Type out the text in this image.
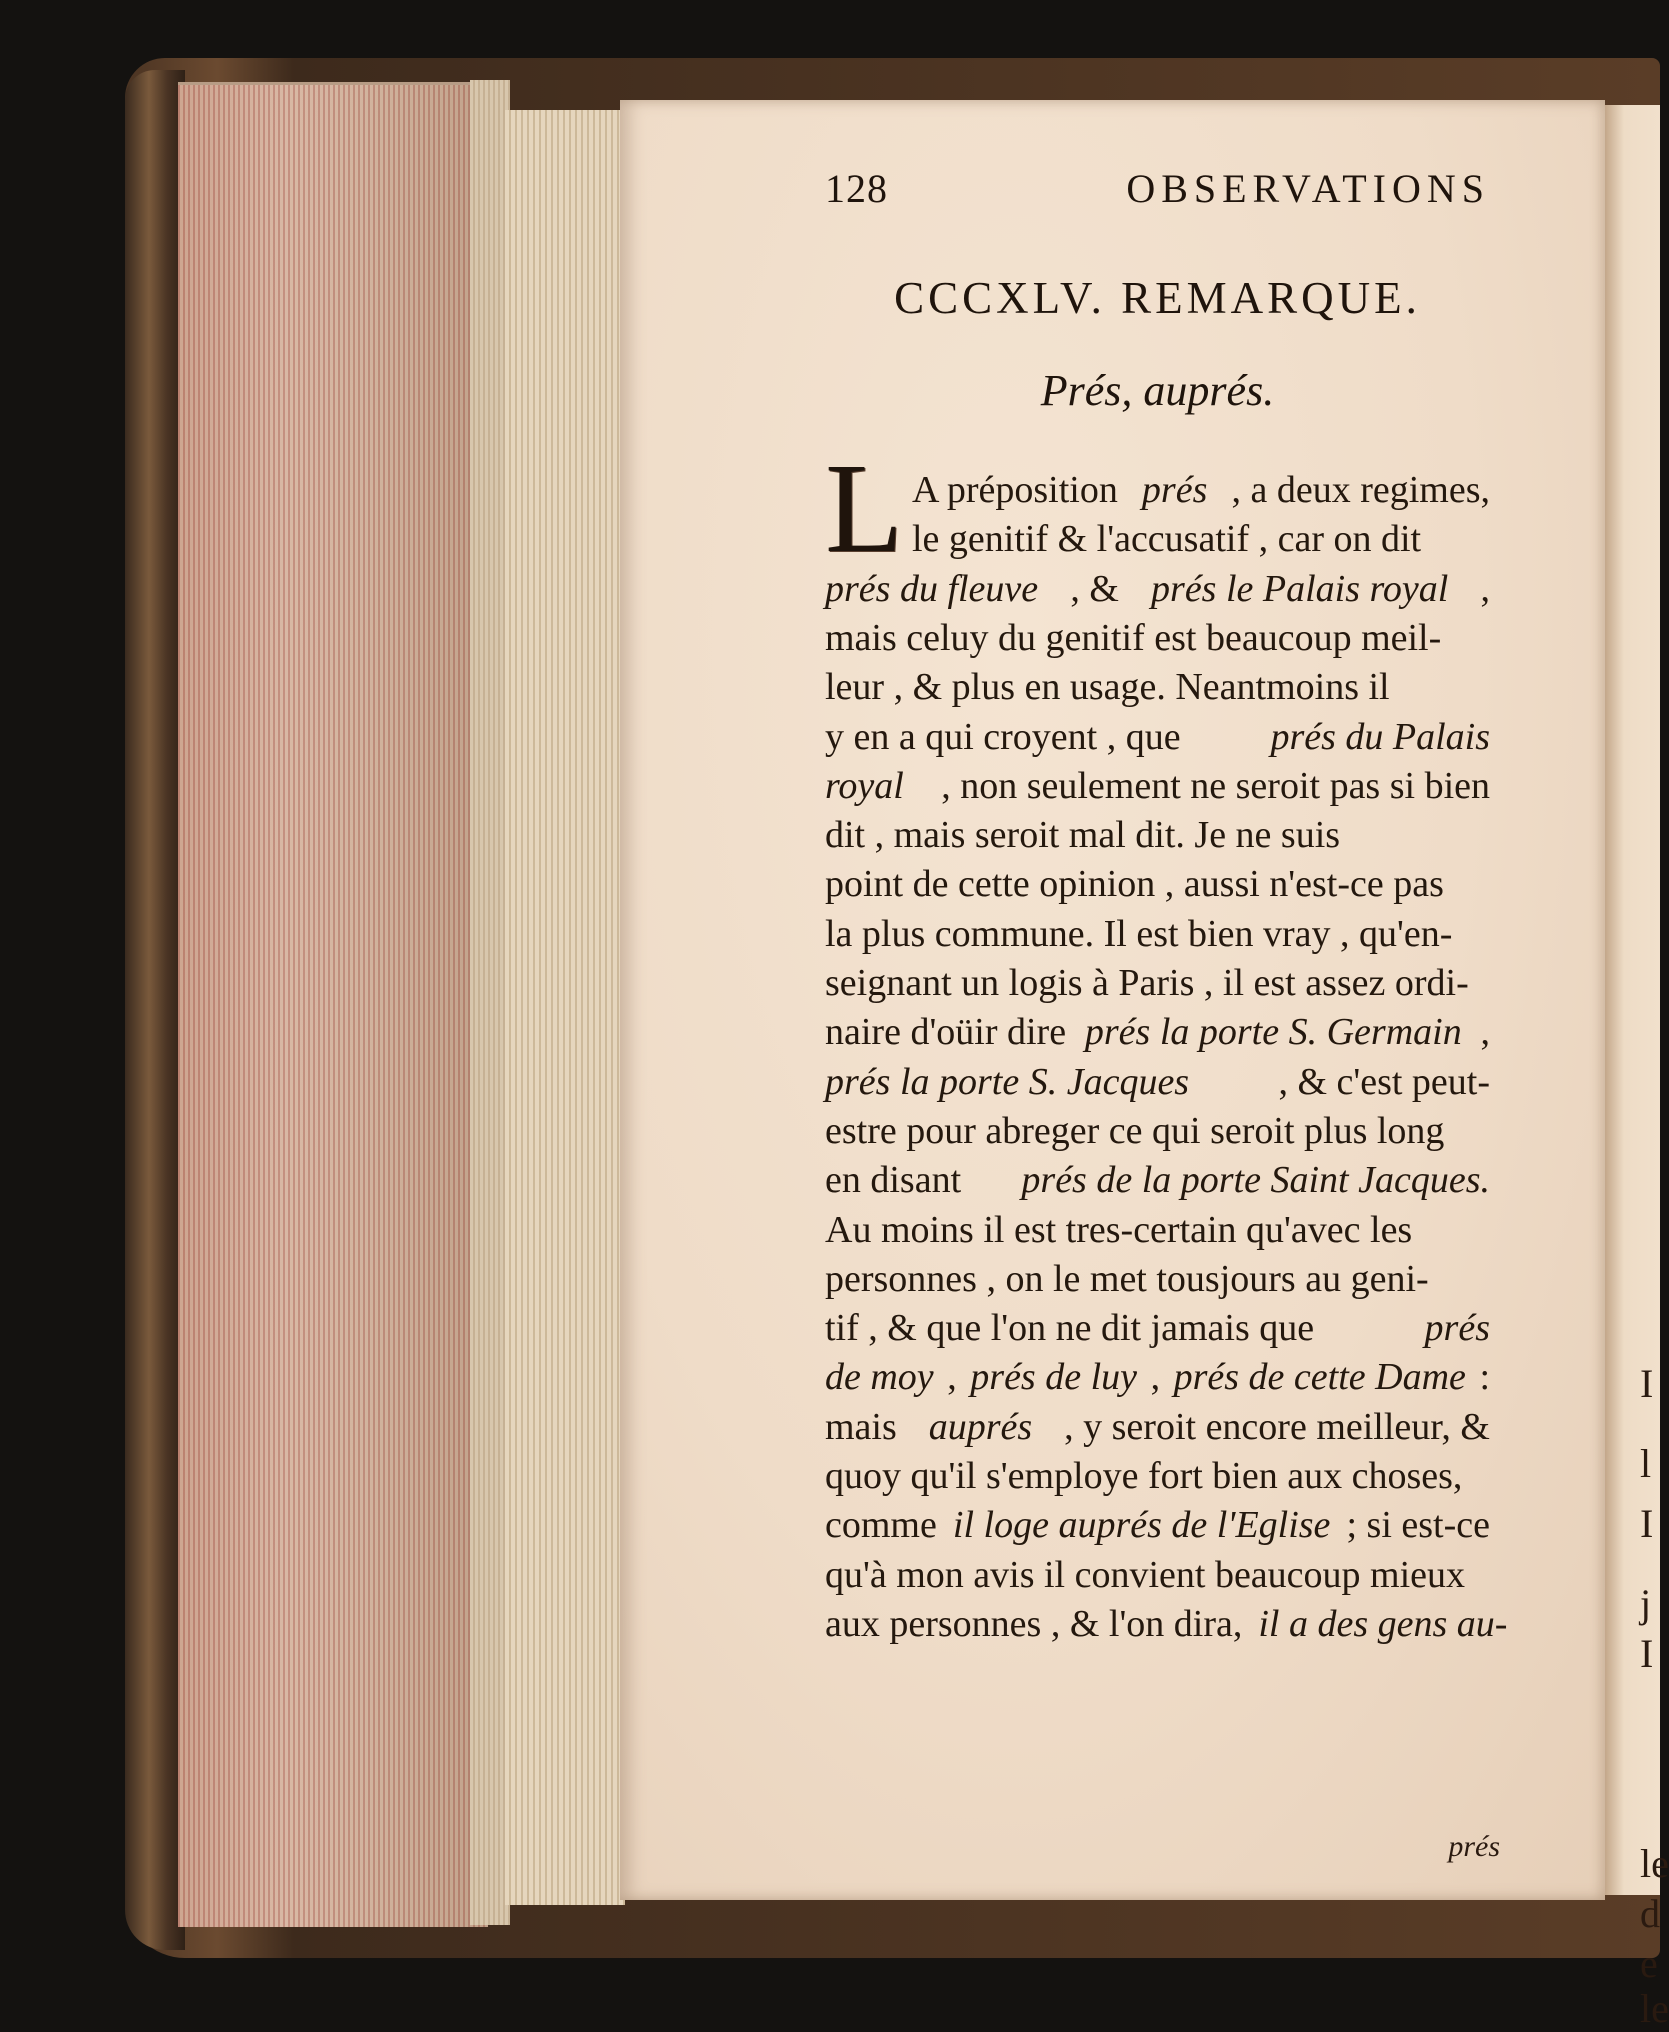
128	OBSERVATIONS
CCCXLV. REMARQUE.
Prés, auprés.
L A préposition prés , a deux regimes,
le genitif & l'accusatif , car on dit
prés du fleuve , & prés le Palais royal ,
mais celuy du genitif est beaucoup meil-
leur , & plus en usage. Neantmoins il
y en a qui croyent , que prés du Palais
royal , non seulement ne seroit pas si bien
dit , mais seroit mal dit. Je ne suis
point de cette opinion , aussi n'est-ce pas
la plus commune. Il est bien vray , qu'en-
seignant un logis à Paris , il est assez ordi-
naire d'oüir dire prés la porte S. Germain ,
prés la porte S. Jacques , & c'est peut-
estre pour abreger ce qui seroit plus long
en disant prés de la porte Saint Jacques.
Au moins il est tres-certain qu'avec les
personnes , on le met tousjours au geni-
tif , & que l'on ne dit jamais que	prés
de moy , prés de luy , prés de cette Dame :
mais auprés , y seroit encore meilleur, &
quoy qu'il s'employe fort bien aux choses,
comme il loge auprés de l'Eglise ; si est-ce
qu'à mon avis il convient beaucoup mieux
aux personnes , & l'on dira, il a des gens au-
prés
I
l
I
j
I
le
d
e
le
